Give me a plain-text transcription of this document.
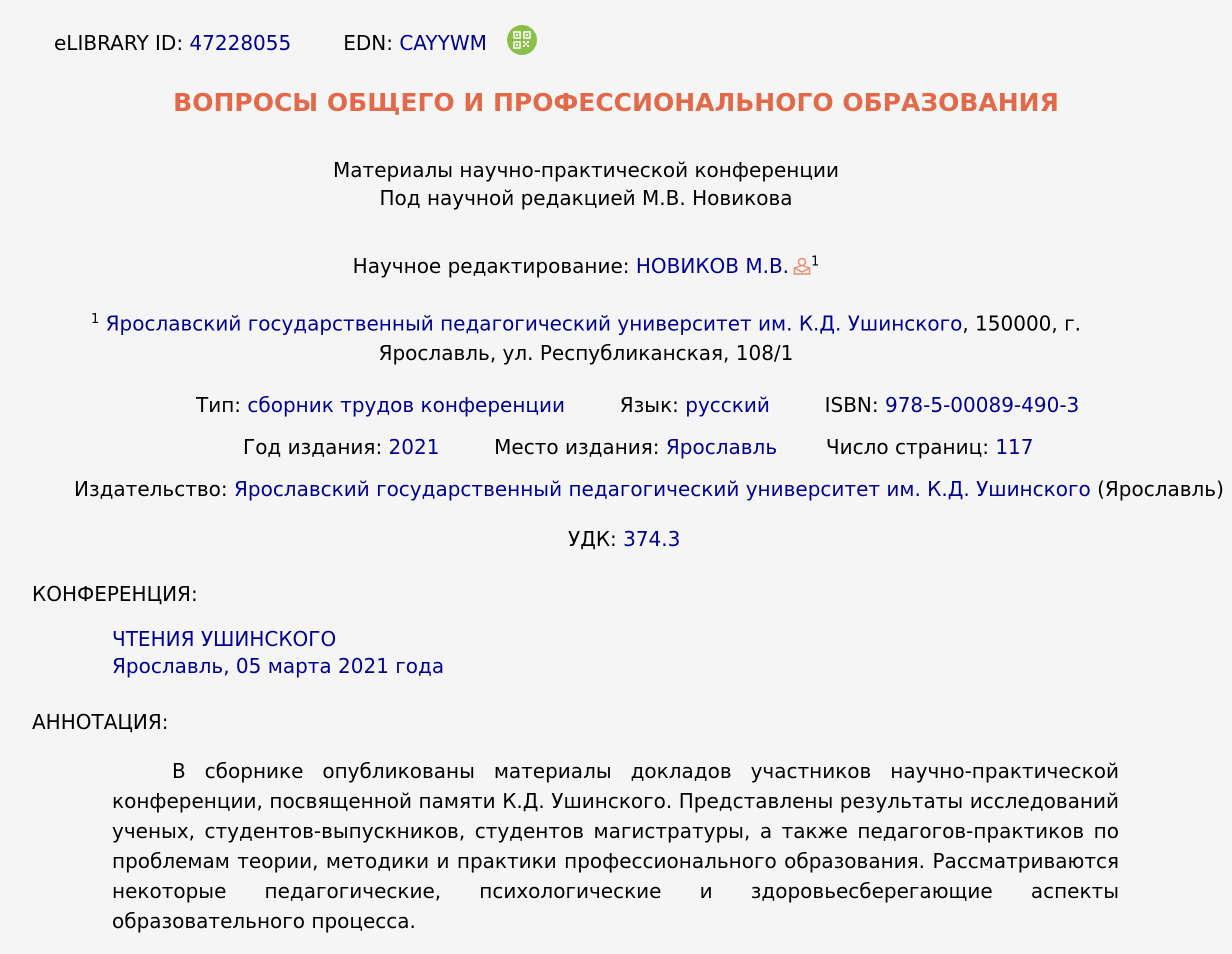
eLIBRARY ID:
47228055	EDN: CAYYWM
ВОПРОСЫ ОБЩЕГО И ПРОФЕССИОНАЛЬНОГО ОБРАЗОВАНИЯ
Материалы научно-практической конференции
Под научной редакцией М.В. Новикова
Научное редактирование: НОВИКОВ М.В. $^1$
$^1$ Ярославский государственный педагогический университет им. К.Д. Ушинского, 150000, г.
Ярославль, ул. Республиканская, 108/1
Тип: сборник трудов конференции	Язык: русский	ISBN: 978-5-00089-490-3
Год издания: 2021	Место издания: Ярославль Число страниц: 117
Издательство: Ярославский государственный педагогический университет им. К.Д. Ушинского (Ярославль)
УДК: 374.3
КОНФЕРЕНЦИЯ:
ЧТЕНИЯ УШИНСКОГО
Ярославль, 05 марта 2021 года
АННОТАЦИЯ:
В сборнике опубликованы материалы докладов участников научно-практической конференции, посвященной памяти К.Д. Ушинского. Представлены результаты исследований ученых, студентов-выпускников, студентов магистратуры, а также педагогов-практиков по проблемам теории, методики и практики профессионального образования. Рассматриваются некоторые педагогические, психологические и здоровьесберегающие аспекты образовательного процесса.
